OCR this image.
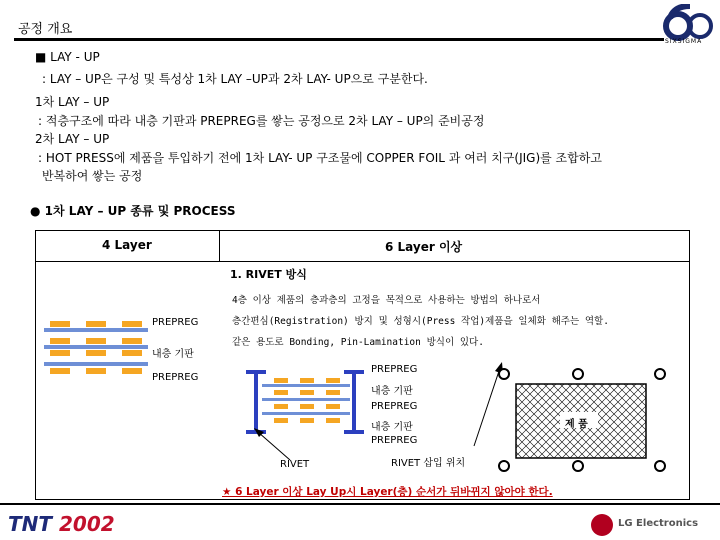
공정 개요
SIXSIGMA
■ LAY - UP
: LAY – UP은 구성 및 특성상 1차 LAY –UP과 2차 LAY- UP으로 구분한다.
1차 LAY – UP
: 적층구조에 따라 내층 기판과 PREPREG를 쌓는 공정으로 2차 LAY – UP의 준비공정
2차 LAY – UP
: HOT PRESS에 제품을 투입하기 전에 1차 LAY- UP 구조물에 COPPER FOIL 과 여러 치구(JIG)를 조합하고
반복하여 쌓는 공정
● 1차 LAY – UP 종류 및 PROCESS
4 Layer	6 Layer 이상
1. RIVET 방식
4층 이상 제품의 층과층의 고정을 목적으로 사용하는 방법의 하나로서
층간편심(Registration) 방지 및 성형시(Press 작업)제품을 일체화 해주는 역할.
같은 용도로 Bonding, Pin-Lamination 방식이 있다.
PREPREG
내층 기판
PREPREG
PREPREG
내층 기판
PREPREG
내층 기판
PREPREG
RIVET	RIVET 삽입 위치
제 품
★ 6 Layer 이상 Lay Up시 Layer(층) 순서가 뒤바뀌지 않아야 한다.
TNT 2002	LG Electronics
